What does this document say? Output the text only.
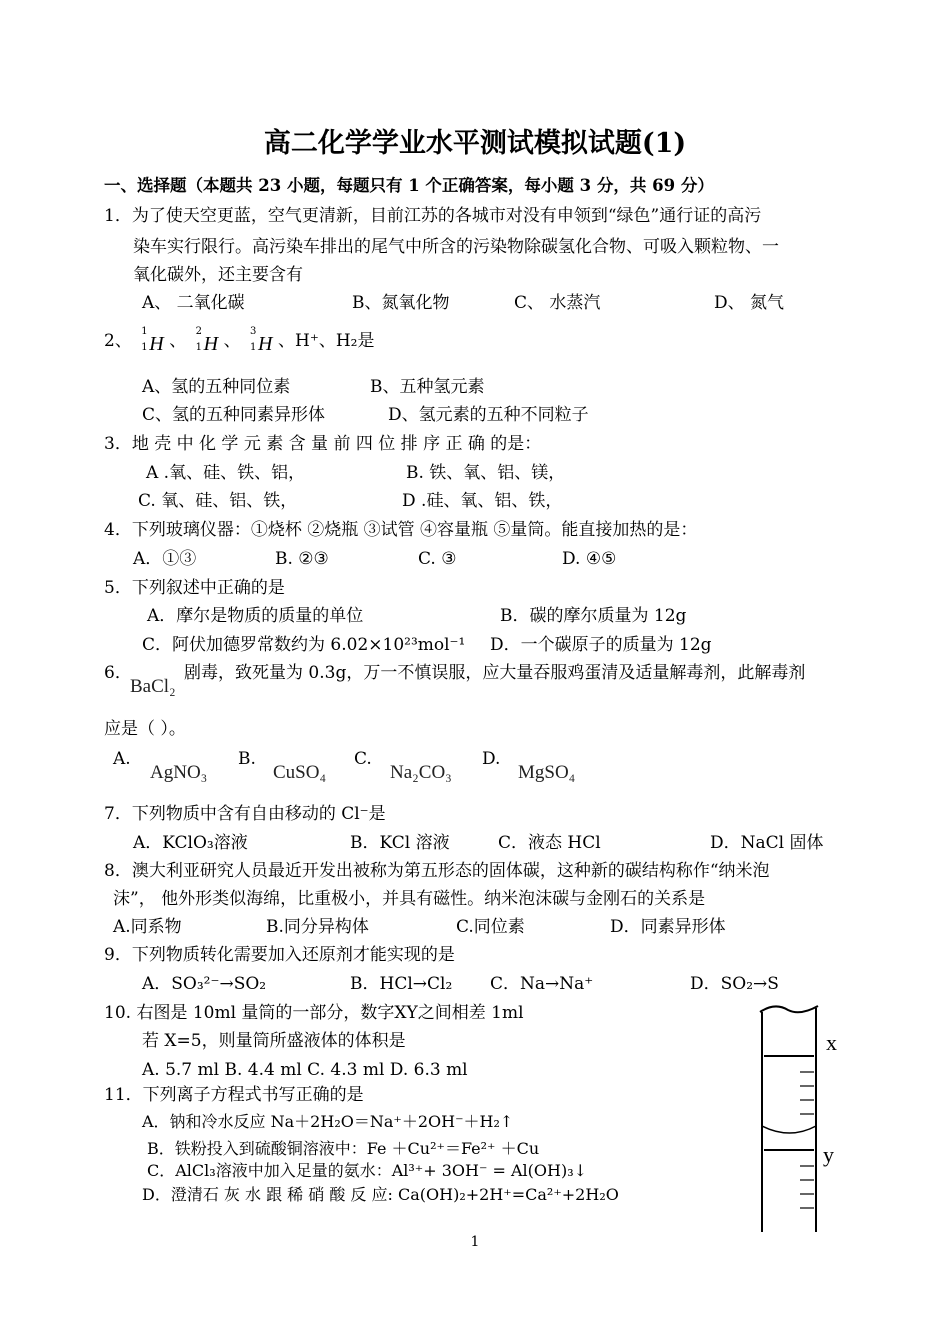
高二化学学业水平测试模拟试题(1)
一、选择题（本题共 23 小题，每题只有 1 个正确答案，每小题 3 分，共 69 分）
1．为了使天空更蓝，空气更清新，目前江苏的各城市对没有申领到“绿色”通行证的高污
染车实行限行。高污染车排出的尾气中所含的污染物除碳氢化合物、可吸入颗粒物、一
氧化碳外，还主要含有
A、 二氧化碳	B、氮氧化物	C、 水蒸汽	D、 氮气
2、 1
1 H 、 2
1 H 、 3
1 H 、H⁺、H₂是
A、氢的五种同位素	B、五种氢元素
C、氢的五种同素异形体	D、氢元素的五种不同粒子
3．地 壳 中 化 学 元 素 含 量 前 四 位 排 序 正 确 的是：
A .氧、硅、铁、铝，	B. 铁、氧、铝、镁，
C. 氧、硅、铝、铁，	D .硅、氧、铝、铁，
4．下列玻璃仪器：①烧杯 ②烧瓶 ③试管 ④容量瓶 ⑤量筒。能直接加热的是：
A．①③	B. ②③	C. ③	D. ④⑤
5．下列叙述中正确的是
A．摩尔是物质的质量的单位	B．碳的摩尔质量为 12g
C．阿伏加德罗常数约为 6.02×10²³mol⁻¹ D．一个碳原子的质量为 12g
6．
BaCl₂
剧毒，致死量为 0.3g，万一不慎误服，应大量吞服鸡蛋清及适量解毒剂，此解毒剂
应是（ ）。
A.
AgNO₃
B.
CuSO₄
C.
Na₂CO₃
D.
MgSO₄
7．下列物质中含有自由移动的 Cl⁻是
A．KClO₃溶液	B．KCl 溶液	C．液态 HCl	D．NaCl 固体
8．澳大利亚研究人员最近开发出被称为第五形态的固体碳，这种新的碳结构称作“纳米泡
沫”， 他外形类似海绵，比重极小，并具有磁性。纳米泡沫碳与金刚石的关系是
A.同系物	B.同分异构体	C.同位素	D．同素异形体
9．下列物质转化需要加入还原剂才能实现的是
A．SO₃²⁻→SO₂	B．HCl→Cl₂ C．Na→Na⁺	D．SO₂→S
10. 右图是 10ml 量筒的一部分，数字XY之间相差 1ml
若 X=5，则量筒所盛液体的体积是
A. 5.7 ml B. 4.4 ml C. 4.3 ml D. 6.3 ml
x
y
11．下列离子方程式书写正确的是
A．钠和冷水反应 Na＋2H₂O＝Na⁺＋2OH⁻＋H₂↑
B．铁粉投入到硫酸铜溶液中：Fe ＋Cu²⁺＝Fe²⁺ ＋Cu
C．AlCl₃溶液中加入足量的氨水：Al³⁺+ 3OH⁻ = Al(OH)₃↓
D．澄清石 灰 水 跟 稀 硝 酸 反 应: Ca(OH)₂+2H⁺=Ca²⁺+2H₂O
1
